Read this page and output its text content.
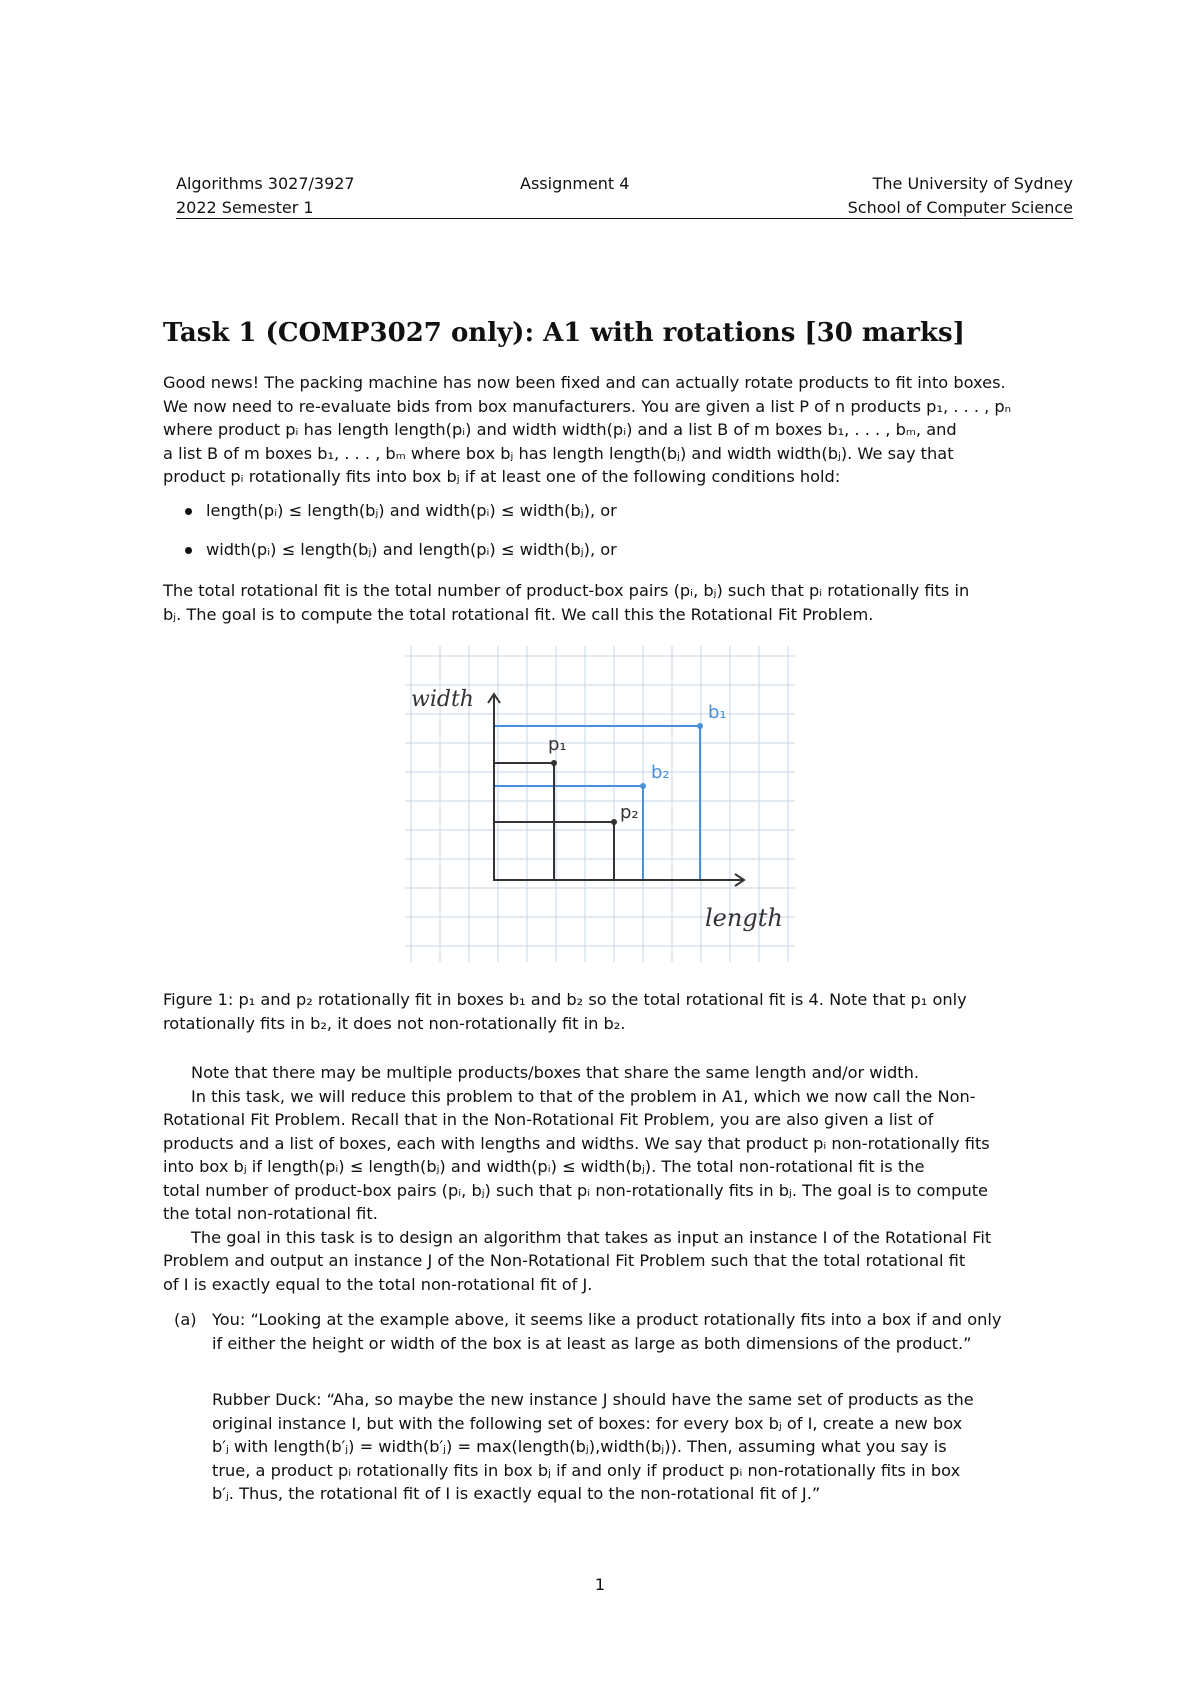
Algorithms 3027/3927
2022 Semester 1
Assignment 4	The University of Sydney
School of Computer Science
Task 1 (COMP3027 only): A1 with rotations [30 marks]
Good news! The packing machine has now been fixed and can actually rotate products to fit into boxes.
We now need to re-evaluate bids from box manufacturers. You are given a list P of n products p₁, . . . , pₙ
where product pᵢ has length length(pᵢ) and width width(pᵢ) and a list B of m boxes b₁, . . . , bₘ, and
a list B of m boxes b₁, . . . , bₘ where box bⱼ has length length(bⱼ) and width width(bⱼ). We say that
product pᵢ rotationally fits into box bⱼ if at least one of the following conditions hold:
length(pᵢ) ≤ length(bⱼ) and width(pᵢ) ≤ width(bⱼ), or
width(pᵢ) ≤ length(bⱼ) and length(pᵢ) ≤ width(bⱼ), or
The total rotational fit is the total number of product-box pairs (pᵢ, bⱼ) such that pᵢ rotationally fits in
bⱼ. The goal is to compute the total rotational fit. We call this the Rotational Fit Problem.
width
length
b₁
b₂
p₁
p₂
Figure 1: p₁ and p₂ rotationally fit in boxes b₁ and b₂ so the total rotational fit is 4. Note that p₁ only
rotationally fits in b₂, it does not non-rotationally fit in b₂.
Note that there may be multiple products/boxes that share the same length and/or width.
In this task, we will reduce this problem to that of the problem in A1, which we now call the Non-
Rotational Fit Problem. Recall that in the Non-Rotational Fit Problem, you are also given a list of
products and a list of boxes, each with lengths and widths. We say that product pᵢ non-rotationally fits
into box bⱼ if length(pᵢ) ≤ length(bⱼ) and width(pᵢ) ≤ width(bⱼ). The total non-rotational fit is the
total number of product-box pairs (pᵢ, bⱼ) such that pᵢ non-rotationally fits in bⱼ. The goal is to compute
the total non-rotational fit.
The goal in this task is to design an algorithm that takes as input an instance I of the Rotational Fit
Problem and output an instance J of the Non-Rotational Fit Problem such that the total rotational fit
of I is exactly equal to the total non-rotational fit of J.
(a) You: “Looking at the example above, it seems like a product rotationally fits into a box if and only
if either the height or width of the box is at least as large as both dimensions of the product.”
Rubber Duck: “Aha, so maybe the new instance J should have the same set of products as the
original instance I, but with the following set of boxes: for every box bⱼ of I, create a new box
b′ⱼ with length(b′ⱼ) = width(b′ⱼ) = max(length(bⱼ),width(bⱼ)). Then, assuming what you say is
true, a product pᵢ rotationally fits in box bⱼ if and only if product pᵢ non-rotationally fits in box
b′ⱼ. Thus, the rotational fit of I is exactly equal to the non-rotational fit of J.”
1
